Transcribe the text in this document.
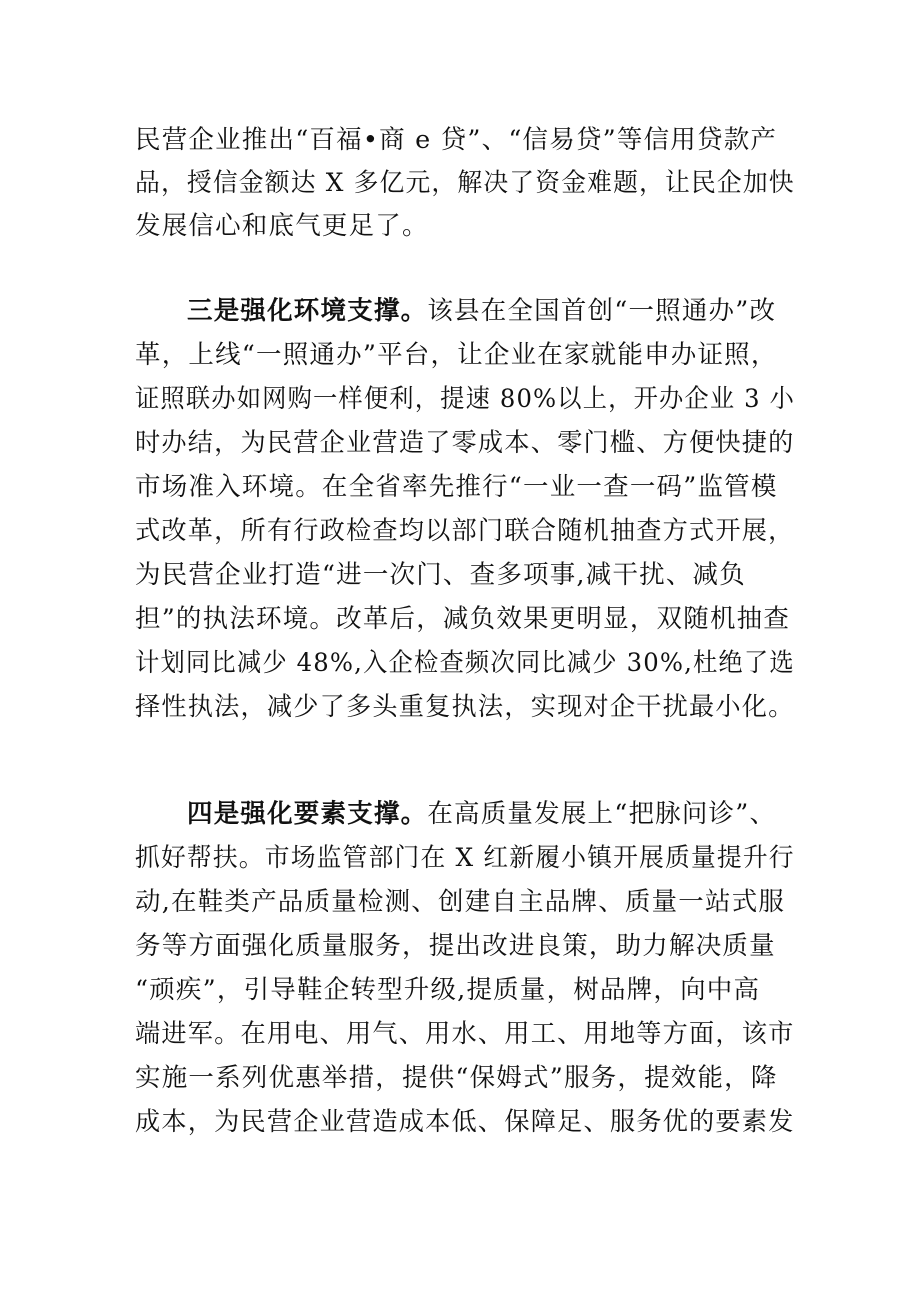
民营企业推出“百福•商 e 贷”、“信易贷”等信用贷款产
品，授信金额达 X 多亿元，解决了资金难题，让民企加快
发展信心和底气更足了。
三是强化环境支撑。该县在全国首创“一照通办”改
革，上线“一照通办”平台，让企业在家就能申办证照，
证照联办如网购一样便利，提速 80%以上，开办企业 3 小
时办结，为民营企业营造了零成本、零门槛、方便快捷的
市场准入环境。在全省率先推行“一业一查一码”监管模
式改革，所有行政检查均以部门联合随机抽查方式开展，
为民营企业打造“进一次门、查多项事,减干扰、减负
担”的执法环境。改革后，减负效果更明显，双随机抽查
计划同比减少 48%,入企检查频次同比减少 30%,杜绝了选
择性执法，减少了多头重复执法，实现对企干扰最小化。
四是强化要素支撑。在高质量发展上“把脉问诊”、
抓好帮扶。市场监管部门在 X 红新履小镇开展质量提升行
动,在鞋类产品质量检测、创建自主品牌、质量一站式服
务等方面强化质量服务，提出改进良策，助力解决质量
“顽疾”，引导鞋企转型升级,提质量，树品牌，向中高
端进军。在用电、用气、用水、用工、用地等方面，该市
实施一系列优惠举措，提供“保姆式”服务，提效能，降
成本，为民营企业营造成本低、保障足、服务优的要素发
